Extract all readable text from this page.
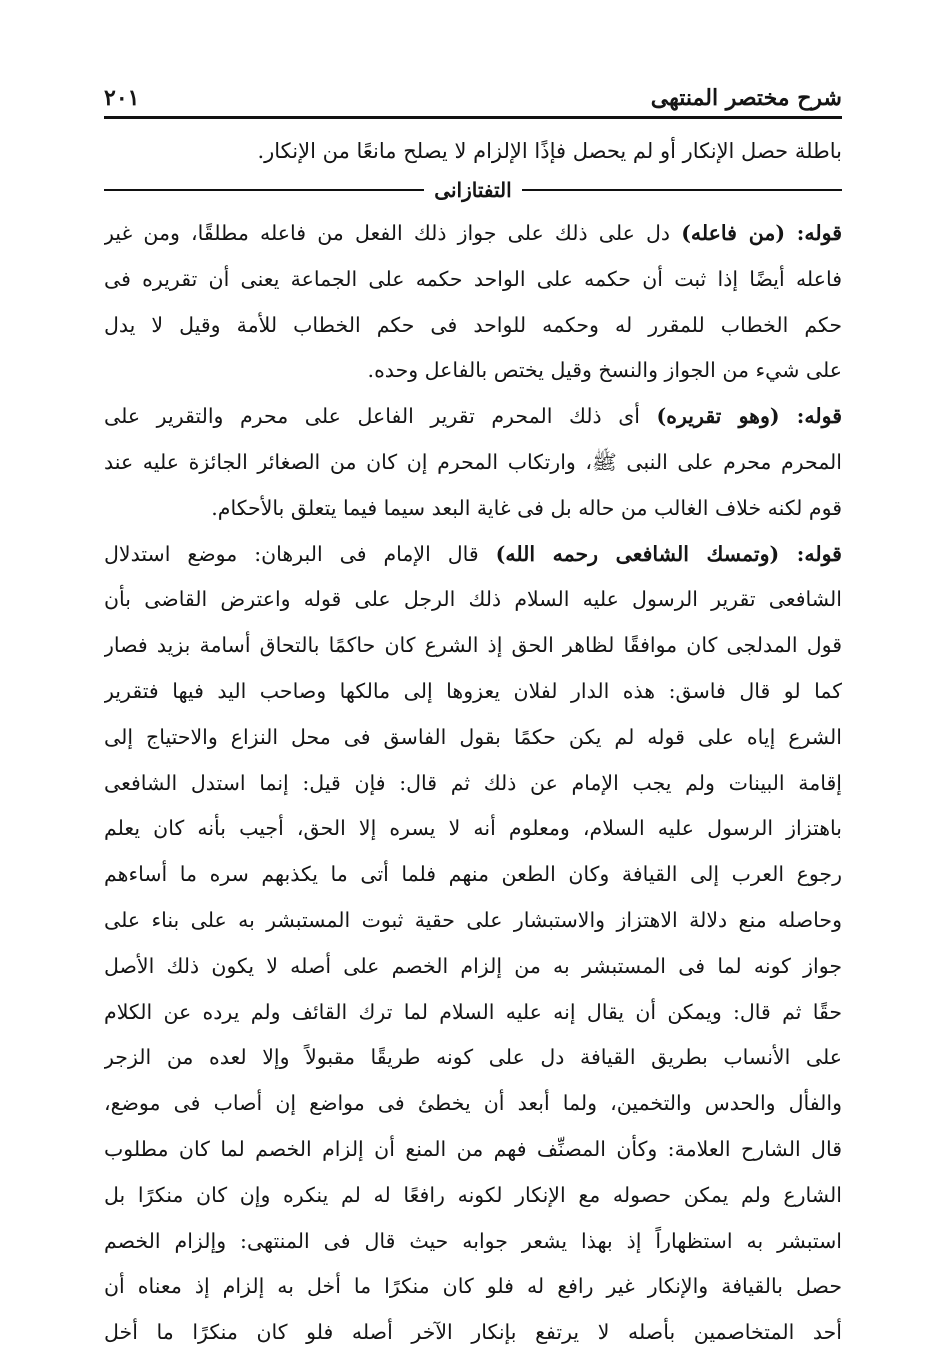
شرح مختصر المنتهى
٢٠١
باطلة حصل الإنكار أو لم يحصل فإذًا الإلزام لا يصلح مانعًا من الإنكار.
التفتازانى
قوله: (من فاعله) دل على ذلك على جواز ذلك الفعل من فاعله مطلقًا، ومن غير
فاعله أيضًا إذا ثبت أن حكمه على الواحد حكمه على الجماعة يعنى أن تقريره فى
حكم الخطاب للمقرر له وحكمه للواحد فى حكم الخطاب للأمة وقيل لا يدل
على شيء من الجواز والنسخ وقيل يختص بالفاعل وحده.
قوله: (وهو تقريره) أى ذلك المحرم تقرير الفاعل على محرم والتقرير على
المحرم محرم على النبى ﷺ، وارتكاب المحرم إن كان من الصغائر الجائزة عليه عند
قوم لكنه خلاف الغالب من حاله بل فى غاية البعد سيما فيما يتعلق بالأحكام.
قوله: (وتمسك الشافعى رحمه الله) قال الإمام فى البرهان: موضع استدلال
الشافعى تقرير الرسول عليه السلام ذلك الرجل على قوله واعترض القاضى بأن
قول المدلجى كان موافقًا لظاهر الحق إذ الشرع كان حاكمًا بالتحاق أسامة بزيد فصار
كما لو قال فاسق: هذه الدار لفلان يعزوها إلى مالكها وصاحب اليد فيها فتقرير
الشرع إياه على قوله لم يكن حكمًا بقول الفاسق فى محل النزاع والاحتياج إلى
إقامة البينات ولم يجب الإمام عن ذلك ثم قال: فإن قيل: إنما استدل الشافعى
باهتزاز الرسول عليه السلام، ومعلوم أنه لا يسره إلا الحق، أجيب بأنه كان يعلم
رجوع العرب إلى القيافة وكان الطعن منهم فلما أتى ما يكذبهم سره ما أساءهم
وحاصله منع دلالة الاهتزاز والاستبشار على حقية ثبوت المستبشر به على بناء على
جواز كونه لما فى المستبشر به من إلزام الخصم على أصله لا يكون ذلك الأصل
حقًا ثم قال: ويمكن أن يقال إنه عليه السلام لما ترك القائف ولم يرده عن الكلام
على الأنساب بطريق القيافة دل على كونه طريقًا مقبولاً وإلا لعده من الزجر
والفأل والحدس والتخمين، ولما أبعد أن يخطئ فى مواضع إن أصاب فى موضع،
قال الشارح العلامة: وكأن المصنِّف فهم من المنع أن إلزام الخصم لما كان مطلوب
الشارع ولم يمكن حصوله مع الإنكار لكونه رافعًا له لم ينكره وإن كان منكرًا بل
استبشر به استظهاراً إذ بهذا يشعر جوابه حيث قال فى المنتهى: وإلزام الخصم
حصل بالقيافة والإنكار غير رافع له فلو كان منكرًا ما أخل به إلزام إذ معناه أن
أحد المتخاصمين بأصله لا يرتفع بإنكار الآخر أصله فلو كان منكرًا ما أخل
